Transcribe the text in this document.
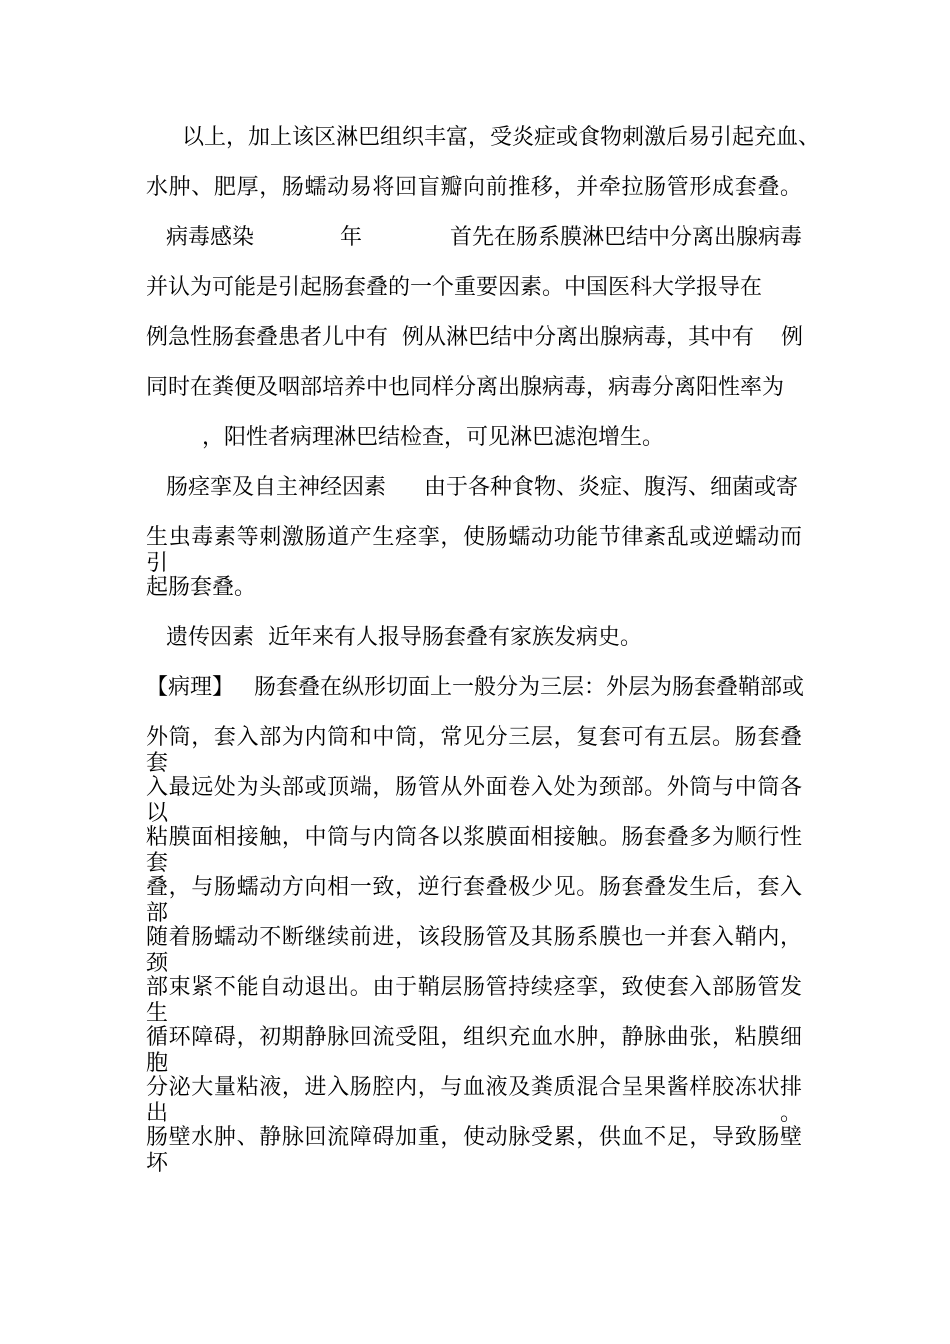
以上，加上该区淋巴组织丰富，受炎症或食物刺激后易引起充血、

水肿、肥厚，肠蠕动易将回盲瓣向前推移，并牵拉肠管形成套叠。

病毒感染	年	首先在肠系膜淋巴结中分离出腺病毒

并认为可能是引起肠套叠的一个重要因素。中国医科大学报导在

例急性肠套叠患者儿中有 例从淋巴结中分离出腺病毒，其中有 例

同时在粪便及咽部培养中也同样分离出腺病毒，病毒分离阳性率为

，阳性者病理淋巴结检查，可见淋巴滤泡增生。

肠痉挛及自主神经因素 由于各种食物、炎症、腹泻、细菌或寄

生虫毒素等刺激肠道产生痉挛，使肠蠕动功能节律紊乱或逆蠕动而引

起肠套叠。

遗传因素  近年来有人报导肠套叠有家族发病史。

【病理】 肠套叠在纵形切面上一般分为三层：外层为肠套叠鞘部或

外筒，套入部为内筒和中筒，常见分三层，复套可有五层。肠套叠套

入最远处为头部或顶端，肠管从外面卷入处为颈部。外筒与中筒各以

粘膜面相接触，中筒与内筒各以浆膜面相接触。肠套叠多为顺行性套

叠，与肠蠕动方向相一致，逆行套叠极少见。肠套叠发生后，套入部

随着肠蠕动不断继续前进，该段肠管及其肠系膜也一并套入鞘内，颈

部束紧不能自动退出。由于鞘层肠管持续痉挛，致使套入部肠管发生

循环障碍，初期静脉回流受阻，组织充血水肿，静脉曲张，粘膜细胞

分泌大量粘液，进入肠腔内，与血液及粪质混合呈果酱样胶冻状排出。

肠壁水肿、静脉回流障碍加重，使动脉受累，供血不足，导致肠壁坏
